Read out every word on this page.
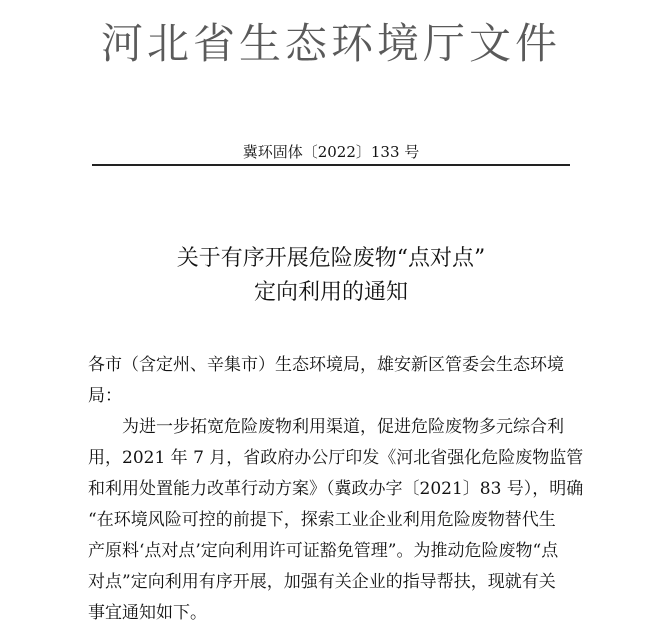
河北省生态环境厅文件
冀环固体〔2022〕133 号
关于有序开展危险废物“点对点”
定向利用的通知

各市（含定州、辛集市）生态环境局，雄安新区管委会生态环境

局：

为进一步拓宽危险废物利用渠道，促进危险废物多元综合利

用，2021 年 7 月，省政府办公厅印发《河北省强化危险废物监管

和利用处置能力改革行动方案》（冀政办字〔2021〕83 号），明确

“在环境风险可控的前提下，探索工业企业利用危险废物替代生

产原料‘点对点’定向利用许可证豁免管理”。为推动危险废物“点

对点”定向利用有序开展，加强有关企业的指导帮扶，现就有关

事宜通知如下。
